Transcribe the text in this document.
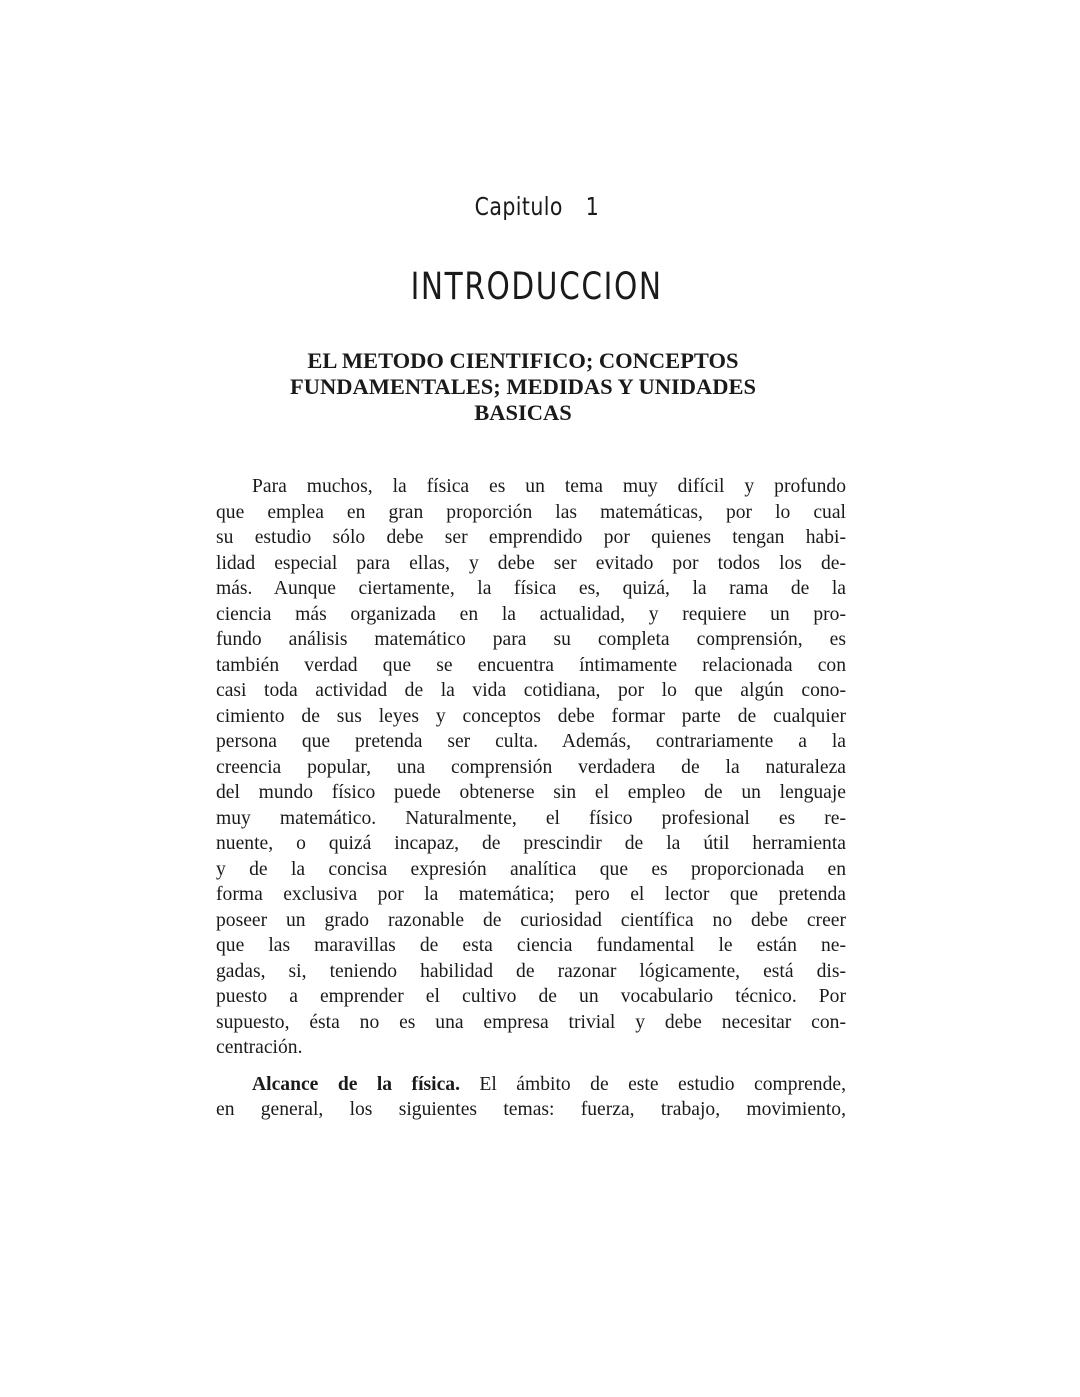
Capitulo 1
INTRODUCCION
EL METODO CIENTIFICO; CONCEPTOS
FUNDAMENTALES; MEDIDAS Y UNIDADES
BASICAS
Para muchos, la física es un tema muy difícil y profundo
que emplea en gran proporción las matemáticas, por lo cual
su estudio sólo debe ser emprendido por quienes tengan habi-
lidad especial para ellas, y debe ser evitado por todos los de-
más. Aunque ciertamente, la física es, quizá, la rama de la
ciencia más organizada en la actualidad, y requiere un pro-
fundo análisis matemático para su completa comprensión, es
también verdad que se encuentra íntimamente relacionada con
casi toda actividad de la vida cotidiana, por lo que algún cono-
cimiento de sus leyes y conceptos debe formar parte de cualquier
persona que pretenda ser culta. Además, contrariamente a la
creencia popular, una comprensión verdadera de la naturaleza
del mundo físico puede obtenerse sin el empleo de un lenguaje
muy matemático. Naturalmente, el físico profesional es re-
nuente, o quizá incapaz, de prescindir de la útil herramienta
y de la concisa expresión analítica que es proporcionada en
forma exclusiva por la matemática; pero el lector que pretenda
poseer un grado razonable de curiosidad científica no debe creer
que las maravillas de esta ciencia fundamental le están ne-
gadas, si, teniendo habilidad de razonar lógicamente, está dis-
puesto a emprender el cultivo de un vocabulario técnico. Por
supuesto, ésta no es una empresa trivial y debe necesitar con-
centración.
Alcance de la física. El ámbito de este estudio comprende,
en general, los siguientes temas: fuerza, trabajo, movimiento,
